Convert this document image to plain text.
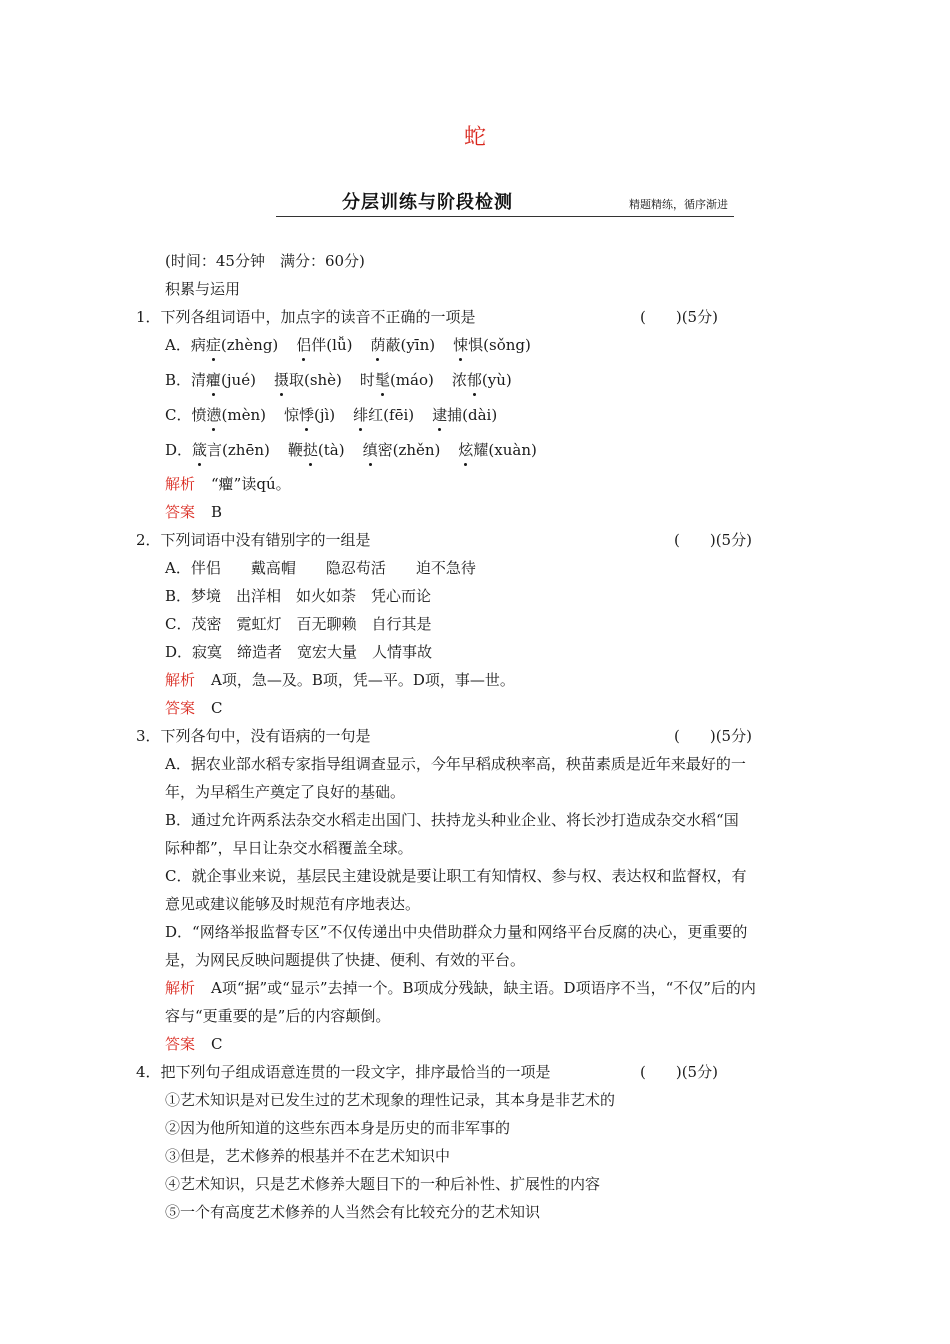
蛇
分层训练与阶段检测	精题精练，循序渐进
(时间：45分钟　满分：60分)
积累与运用
1．下列各组词语中，加点字的读音不正确的一项是	(　　)(5分)
A．病症(zhèng) 侣伴(lǚ) 荫蔽(yīn) 悚惧(sǒng)
B．清癯(jué) 摄取(shè) 时髦(máo) 浓郁(yù)
C．愤懑(mèn) 惊悸(jì) 绯红(fēi) 逮捕(dài)
D．箴言(zhēn) 鞭挞(tà) 缜密(zhěn) 炫耀(xuàn)
解析 “癯”读qú。
答案 B
2．下列词语中没有错别字的一组是	(　　)(5分)
A．伴侣　　戴高帽　　隐忍苟活　　迫不急待
B．梦境　出洋相　如火如荼　凭心而论
C．茂密　霓虹灯　百无聊赖　自行其是
D．寂寞　缔造者　宽宏大量　人情事故
解析 A项，急—及。B项，凭—平。D项，事—世。
答案 C
3．下列各句中，没有语病的一句是	(　　)(5分)
A．据农业部水稻专家指导组调查显示，今年早稻成秧率高，秧苗素质是近年来最好的一
年，为早稻生产奠定了良好的基础。
B．通过允许两系法杂交水稻走出国门、扶持龙头种业企业、将长沙打造成杂交水稻“国
际种都”，早日让杂交水稻覆盖全球。
C．就企事业来说，基层民主建设就是要让职工有知情权、参与权、表达权和监督权，有
意见或建议能够及时规范有序地表达。
D．“网络举报监督专区”不仅传递出中央借助群众力量和网络平台反腐的决心，更重要的
是，为网民反映问题提供了快捷、便利、有效的平台。
解析 A项“据”或“显示”去掉一个。B项成分残缺，缺主语。D项语序不当，“不仅”后的内
容与“更重要的是”后的内容颠倒。
答案 C
4．把下列句子组成语意连贯的一段文字，排序最恰当的一项是	(　　)(5分)
①艺术知识是对已发生过的艺术现象的理性记录，其本身是非艺术的
②因为他所知道的这些东西本身是历史的而非军事的
③但是，艺术修养的根基并不在艺术知识中
④艺术知识，只是艺术修养大题目下的一种后补性、扩展性的内容
⑤一个有高度艺术修养的人当然会有比较充分的艺术知识
